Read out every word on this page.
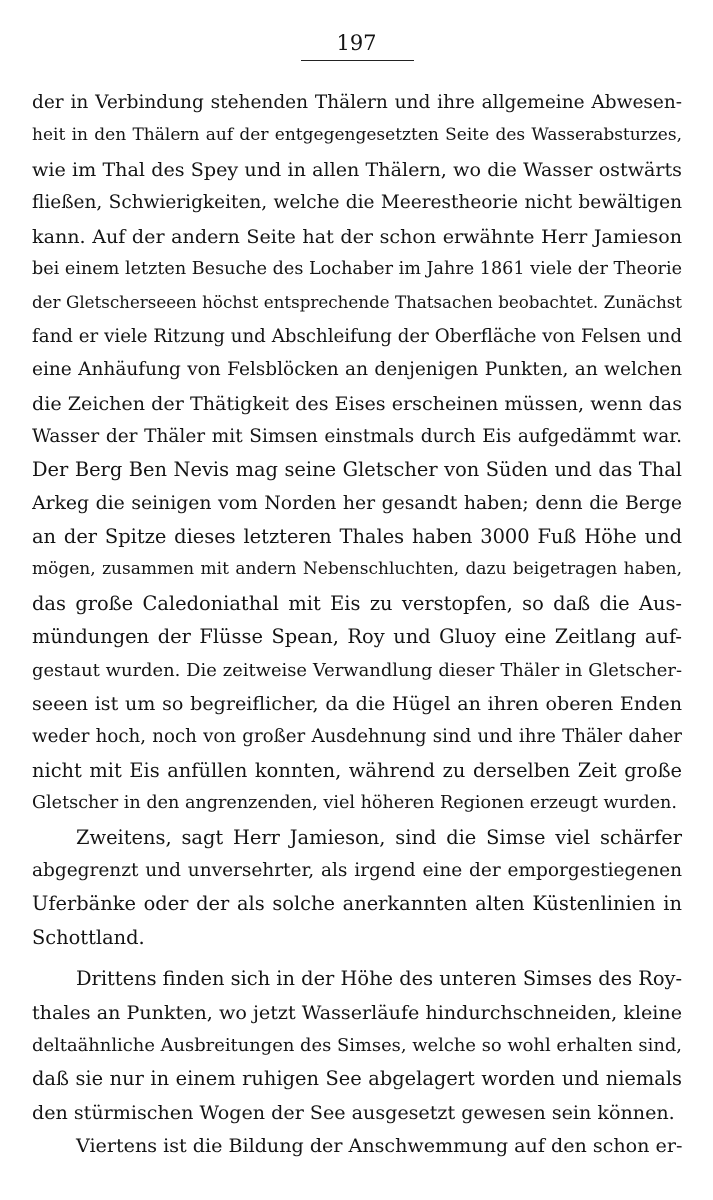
197
der in Verbindung stehenden Thälern und ihre allgemeine Abwesen-
heit in den Thälern auf der entgegengesetzten Seite des Wasserabsturzes,
wie im Thal des Spey und in allen Thälern, wo die Wasser ostwärts
fließen, Schwierigkeiten, welche die Meerestheorie nicht bewältigen
kann. Auf der andern Seite hat der schon erwähnte Herr Jamieson
bei einem letzten Besuche des Lochaber im Jahre 1861 viele der Theorie
der Gletscherseeen höchst entsprechende Thatsachen beobachtet. Zunächst
fand er viele Ritzung und Abschleifung der Oberfläche von Felsen und
eine Anhäufung von Felsblöcken an denjenigen Punkten, an welchen
die Zeichen der Thätigkeit des Eises erscheinen müssen, wenn das
Wasser der Thäler mit Simsen einstmals durch Eis aufgedämmt war.
Der Berg Ben Nevis mag seine Gletscher von Süden und das Thal
Arkeg die seinigen vom Norden her gesandt haben; denn die Berge
an der Spitze dieses letzteren Thales haben 3000 Fuß Höhe und
mögen, zusammen mit andern Nebenschluchten, dazu beigetragen haben,
das große Caledoniathal mit Eis zu verstopfen, so daß die Aus-
mündungen der Flüsse Spean, Roy und Gluoy eine Zeitlang auf-
gestaut wurden. Die zeitweise Verwandlung dieser Thäler in Gletscher-
seeen ist um so begreiflicher, da die Hügel an ihren oberen Enden
weder hoch, noch von großer Ausdehnung sind und ihre Thäler daher
nicht mit Eis anfüllen konnten, während zu derselben Zeit große
Gletscher in den angrenzenden, viel höheren Regionen erzeugt wurden.
Zweitens, sagt Herr Jamieson, sind die Simse viel schärfer
abgegrenzt und unversehrter, als irgend eine der emporgestiegenen
Uferbänke oder der als solche anerkannten alten Küstenlinien in
Schottland.
Drittens finden sich in der Höhe des unteren Simses des Roy-
thales an Punkten, wo jetzt Wasserläufe hindurchschneiden, kleine
deltaähnliche Ausbreitungen des Simses, welche so wohl erhalten sind,
daß sie nur in einem ruhigen See abgelagert worden und niemals
den stürmischen Wogen der See ausgesetzt gewesen sein können.
Viertens ist die Bildung der Anschwemmung auf den schon er-
